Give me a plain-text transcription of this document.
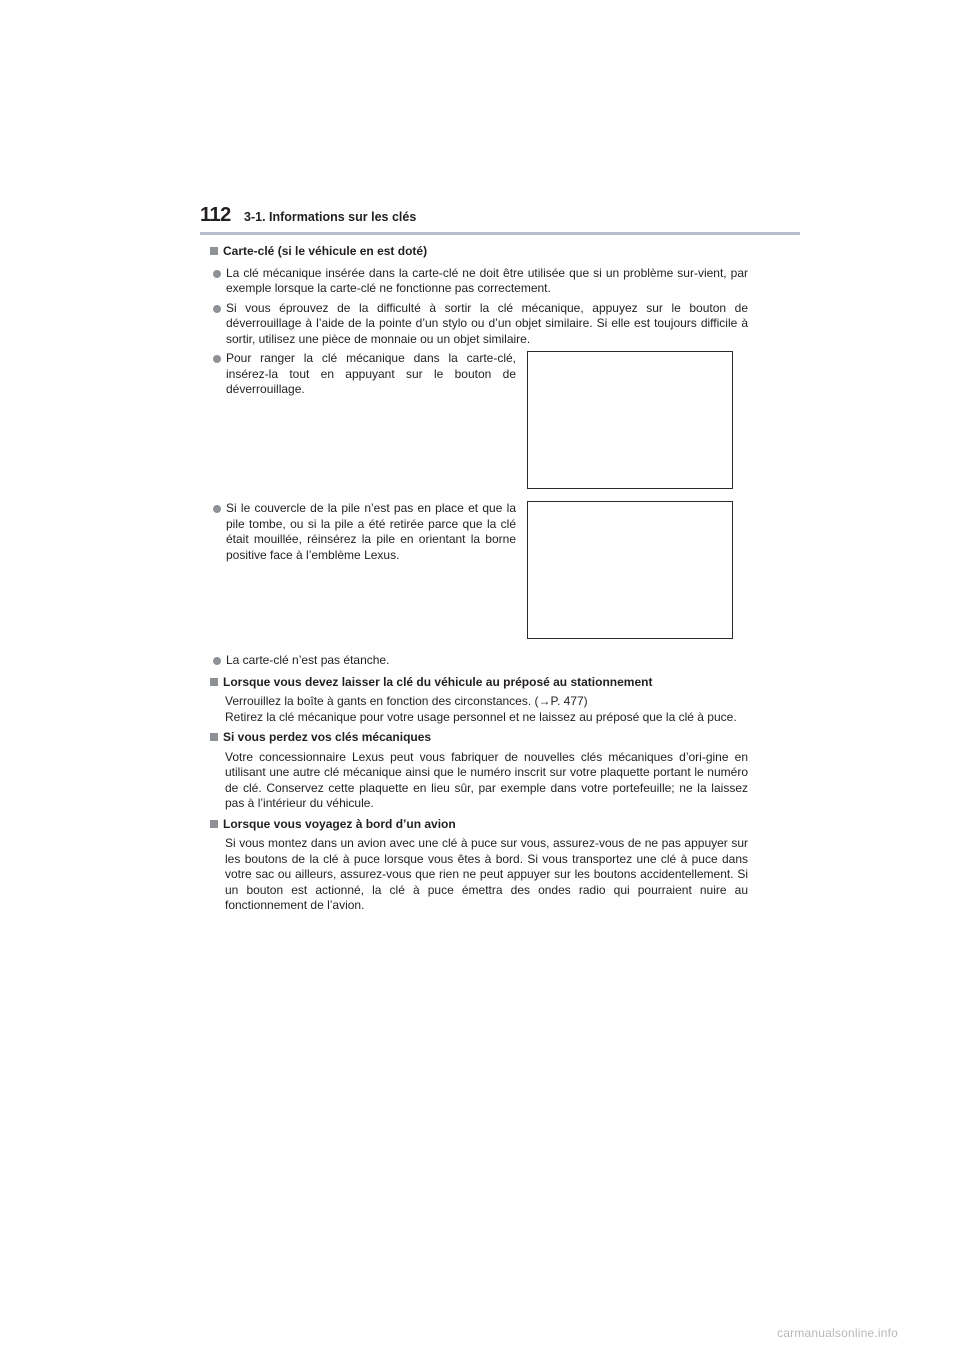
112 3-1. Informations sur les clés
Carte-clé (si le véhicule en est doté)
La clé mécanique insérée dans la carte-clé ne doit être utilisée que si un problème sur-vient, par exemple lorsque la carte-clé ne fonctionne pas correctement.
Si vous éprouvez de la difficulté à sortir la clé mécanique, appuyez sur le bouton de déverrouillage à l’aide de la pointe d’un stylo ou d’un objet similaire. Si elle est toujours difficile à sortir, utilisez une pièce de monnaie ou un objet similaire.
Pour ranger la clé mécanique dans la carte-clé, insérez-la tout en appuyant sur le bouton de déverrouillage.
Si le couvercle de la pile n’est pas en place et que la pile tombe, ou si la pile a été retirée parce que la clé était mouillée, réinsérez la pile en orientant la borne positive face à l’emblème Lexus.
La carte-clé n’est pas étanche.
Lorsque vous devez laisser la clé du véhicule au préposé au stationnement

Verrouillez la boîte à gants en fonction des circonstances. (→P. 477)

Retirez la clé mécanique pour votre usage personnel et ne laissez au préposé que la clé à puce.

Si vous perdez vos clés mécaniques
Votre concessionnaire Lexus peut vous fabriquer de nouvelles clés mécaniques d’ori-gine en utilisant une autre clé mécanique ainsi que le numéro inscrit sur votre plaquette portant le numéro de clé. Conservez cette plaquette en lieu sûr, par exemple dans votre portefeuille; ne la laissez pas à l’intérieur du véhicule.
Lorsque vous voyagez à bord d’un avion
Si vous montez dans un avion avec une clé à puce sur vous, assurez-vous de ne pas appuyer sur les boutons de la clé à puce lorsque vous êtes à bord. Si vous transportez une clé à puce dans votre sac ou ailleurs, assurez-vous que rien ne peut appuyer sur les boutons accidentellement. Si un bouton est actionné, la clé à puce émettra des ondes radio qui pourraient nuire au fonctionnement de l’avion.
carmanualsonline.info
